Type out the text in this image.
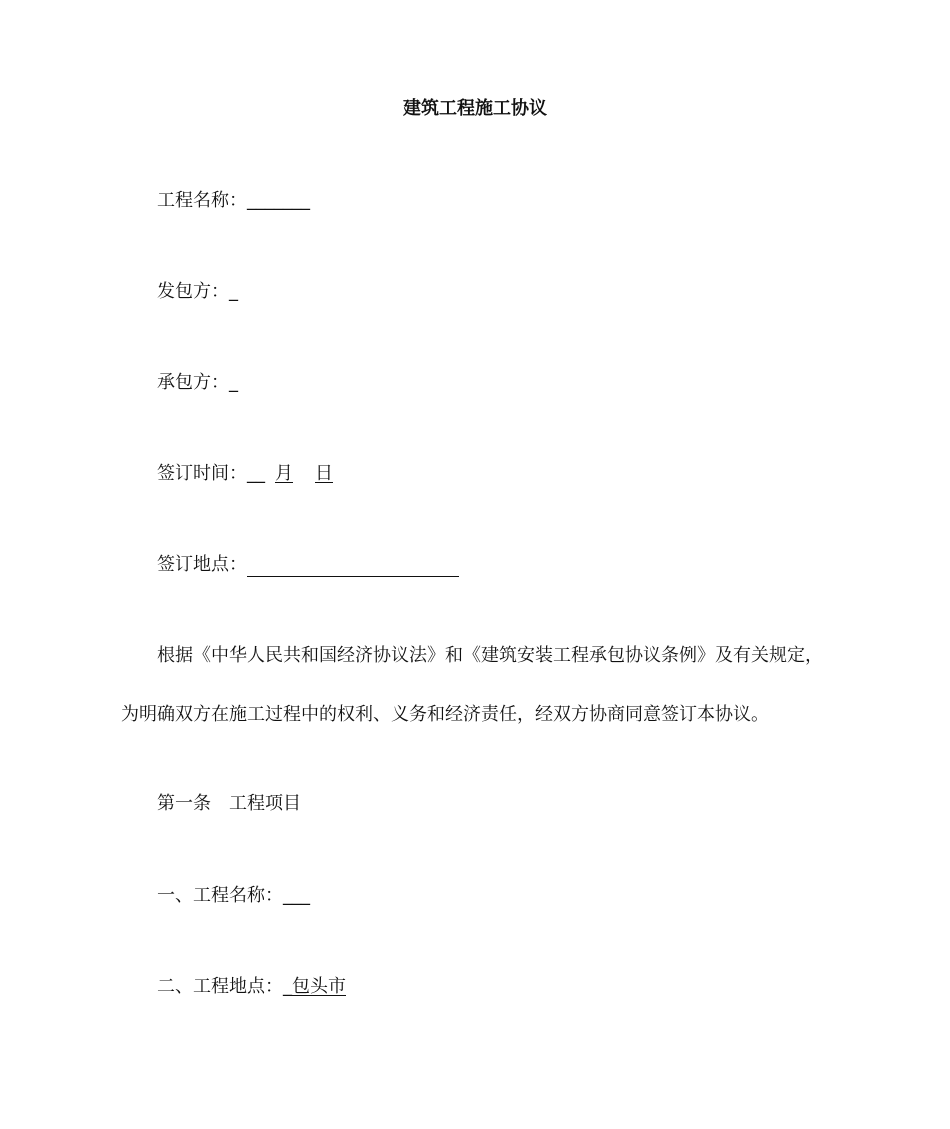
建筑工程施工协议
工程名称：_______
发包方：_
承包方：_
签订时间：__ 月 日
签订地点：
根据《中华人民共和国经济协议法》和《建筑安装工程承包协议条例》及有关规定，
为明确双方在施工过程中的权利、义务和经济责任，经双方协商同意签订本协议。
第一条　工程项目
一、工程名称：___
二、工程地点：_包头市
